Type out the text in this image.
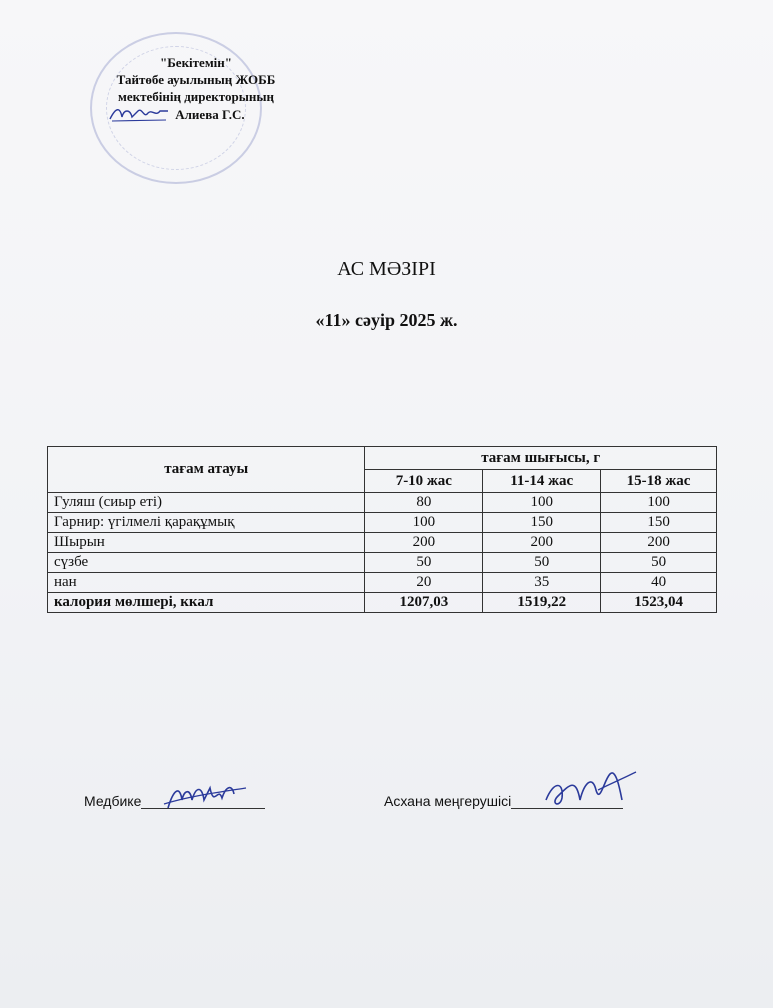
"Бекітемін"
Тайтөбе ауылының ЖОББ
мектебінің директорының
Алиева Г.С.
АС МӘЗІРІ
«11» сәуір 2025 ж.
тағам атауы	тағам шығысы, г		
	7-10 жас	11-14 жас	15-18 жас
Гуляш (сиыр еті)	80	100	100
Гарнир: үгілмелі қарақұмық	100	150	150
Шырын	200	200	200
сүзбе	50	50	50
нан	20	35	40
калория мөлшері, ккал	1207,03	1519,22	1523,04
Медбике	Асхана меңгерушісі
